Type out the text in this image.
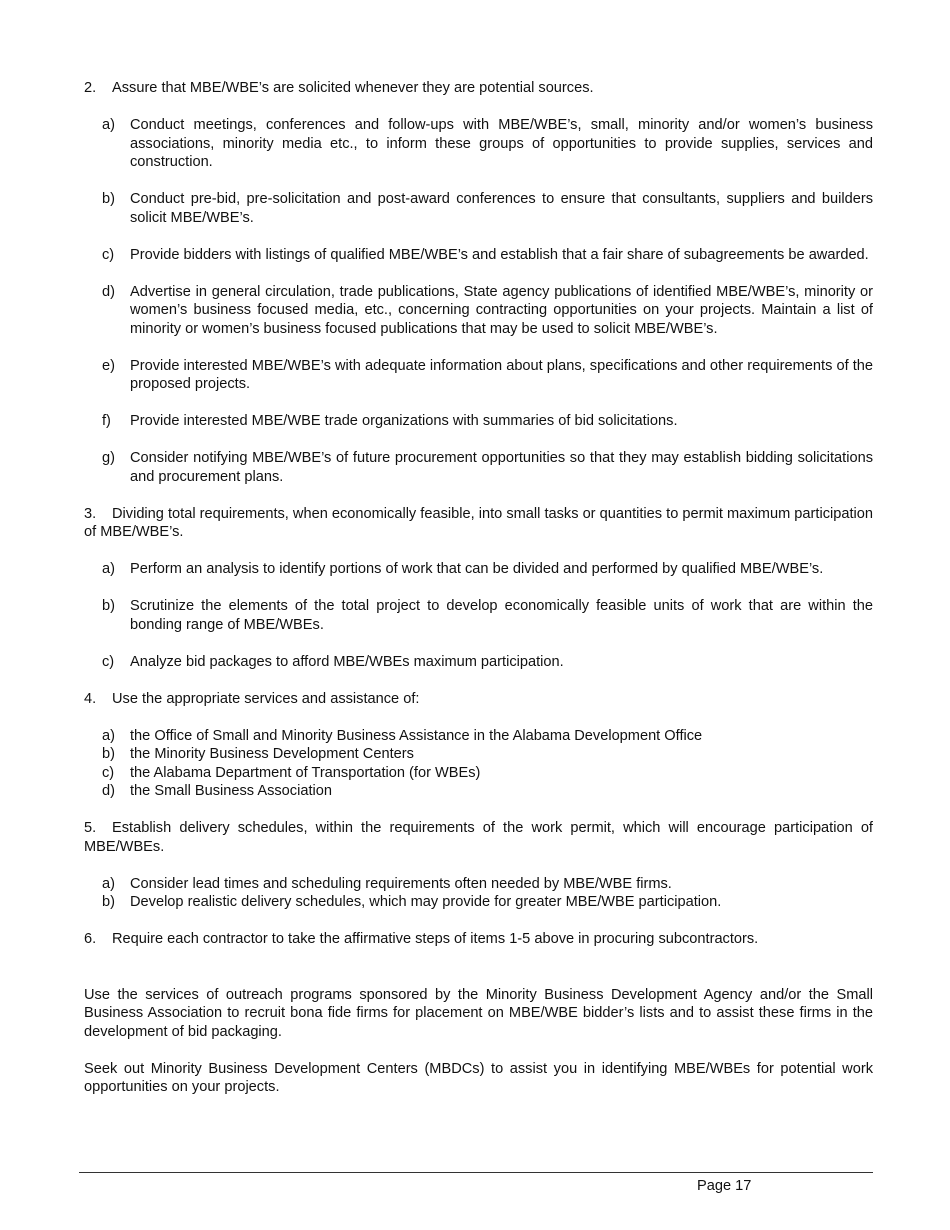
2. Assure that MBE/WBE’s are solicited whenever they are potential sources.

a) Conduct meetings, conferences and follow-ups with MBE/WBE’s, small, minority and/or women’s business associations, minority media etc., to inform these groups of opportunities to provide supplies, services and construction.

b) Conduct pre-bid, pre-solicitation and post-award conferences to ensure that consultants, suppliers and builders solicit MBE/WBE’s.

c) Provide bidders with listings of qualified MBE/WBE’s and establish that a fair share of subagreements be awarded.

d) Advertise in general circulation, trade publications, State agency publications of identified MBE/WBE’s, minority or women’s business focused media, etc., concerning contracting opportunities on your projects. Maintain a list of minority or women’s business focused publications that may be used to solicit MBE/WBE’s.

e) Provide interested MBE/WBE’s with adequate information about plans, specifications and other requirements of the proposed projects.

f) Provide interested MBE/WBE trade organizations with summaries of bid solicitations.

g) Consider notifying MBE/WBE’s of future procurement opportunities so that they may establish bidding solicitations and procurement plans.

3. Dividing total requirements, when economically feasible, into small tasks or quantities to permit maximum participation of MBE/WBE’s.

a) Perform an analysis to identify portions of work that can be divided and performed by qualified MBE/WBE’s.

b) Scrutinize the elements of the total project to develop economically feasible units of work that are within the bonding range of MBE/WBEs.

c) Analyze bid packages to afford MBE/WBEs maximum participation.

4. Use the appropriate services and assistance of:

a) the Office of Small and Minority Business Assistance in the Alabama Development Office

b) the Minority Business Development Centers

c) the Alabama Department of Transportation (for WBEs)

d) the Small Business Association

5. Establish delivery schedules, within the requirements of the work permit, which will encourage participation of MBE/WBEs.

a) Consider lead times and scheduling requirements often needed by MBE/WBE firms.

b) Develop realistic delivery schedules, which may provide for greater MBE/WBE participation.

6. Require each contractor to take the affirmative steps of items 1-5 above in procuring subcontractors.

Use the services of outreach programs sponsored by the Minority Business Development Agency and/or the Small Business Association to recruit bona fide firms for placement on MBE/WBE bidder’s lists and to assist these firms in the development of bid packaging.

Seek out Minority Business Development Centers (MBDCs) to assist you in identifying MBE/WBEs for potential work opportunities on your projects.

Page 17
